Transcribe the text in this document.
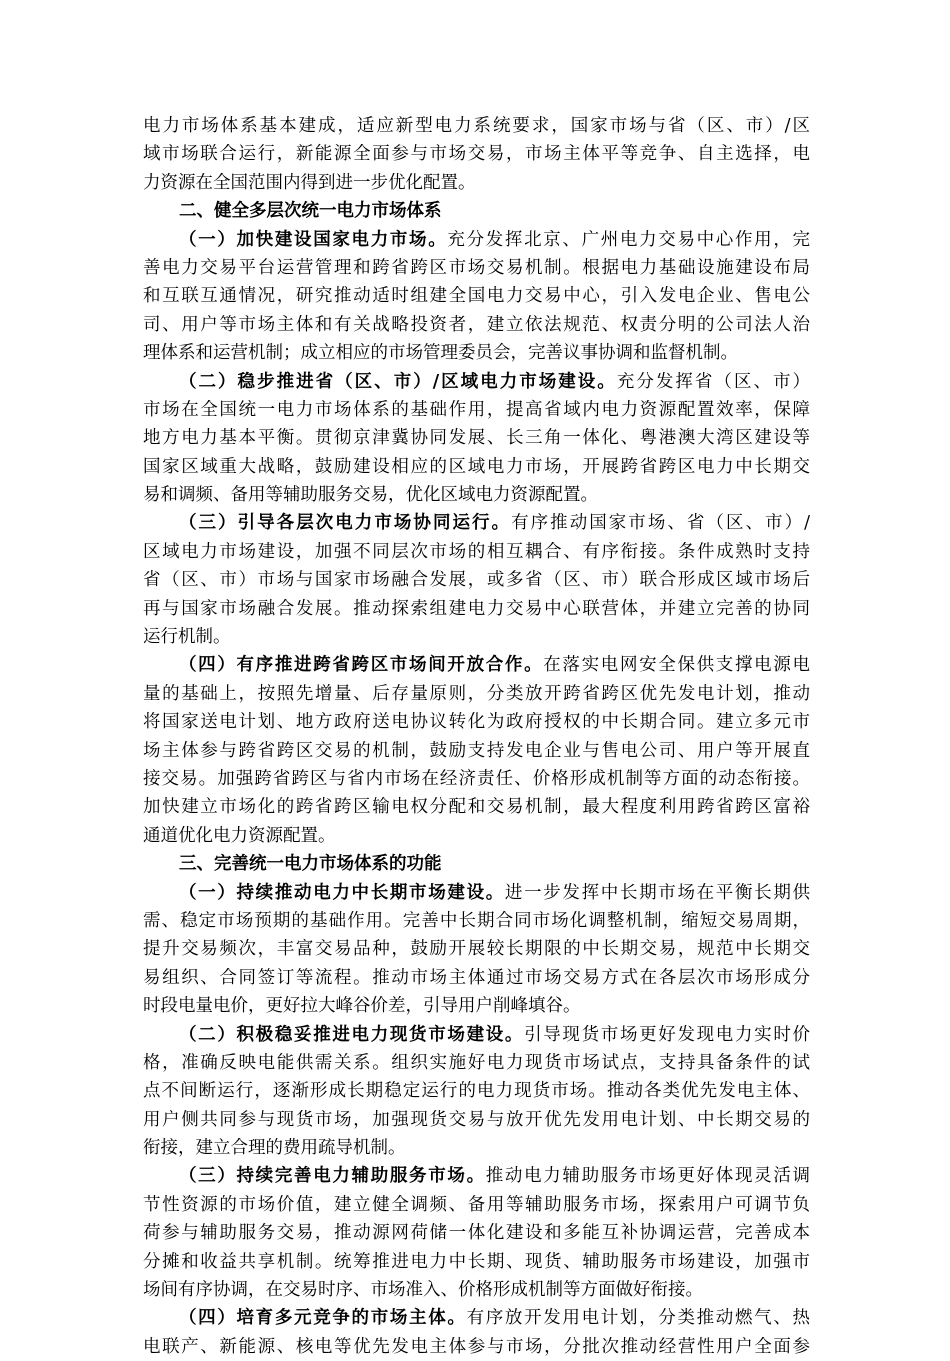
电力市场体系基本建成，适应新型电力系统要求，国家市场与省（区、市）/区
域市场联合运行，新能源全面参与市场交易，市场主体平等竞争、自主选择，电
力资源在全国范围内得到进一步优化配置。
二、健全多层次统一电力市场体系
（一）加快建设国家电力市场。充分发挥北京、广州电力交易中心作用，完
善电力交易平台运营管理和跨省跨区市场交易机制。根据电力基础设施建设布局
和互联互通情况，研究推动适时组建全国电力交易中心，引入发电企业、售电公
司、用户等市场主体和有关战略投资者，建立依法规范、权责分明的公司法人治
理体系和运营机制；成立相应的市场管理委员会，完善议事协调和监督机制。
（二）稳步推进省（区、市）/区域电力市场建设。充分发挥省（区、市）
市场在全国统一电力市场体系的基础作用，提高省域内电力资源配置效率，保障
地方电力基本平衡。贯彻京津冀协同发展、长三角一体化、粤港澳大湾区建设等
国家区域重大战略，鼓励建设相应的区域电力市场，开展跨省跨区电力中长期交
易和调频、备用等辅助服务交易，优化区域电力资源配置。
（三）引导各层次电力市场协同运行。有序推动国家市场、省（区、市）/
区域电力市场建设，加强不同层次市场的相互耦合、有序衔接。条件成熟时支持
省（区、市）市场与国家市场融合发展，或多省（区、市）联合形成区域市场后
再与国家市场融合发展。推动探索组建电力交易中心联营体，并建立完善的协同
运行机制。
（四）有序推进跨省跨区市场间开放合作。在落实电网安全保供支撑电源电
量的基础上，按照先增量、后存量原则，分类放开跨省跨区优先发电计划，推动
将国家送电计划、地方政府送电协议转化为政府授权的中长期合同。建立多元市
场主体参与跨省跨区交易的机制，鼓励支持发电企业与售电公司、用户等开展直
接交易。加强跨省跨区与省内市场在经济责任、价格形成机制等方面的动态衔接。
加快建立市场化的跨省跨区输电权分配和交易机制，最大程度利用跨省跨区富裕
通道优化电力资源配置。
三、完善统一电力市场体系的功能
（一）持续推动电力中长期市场建设。进一步发挥中长期市场在平衡长期供
需、稳定市场预期的基础作用。完善中长期合同市场化调整机制，缩短交易周期，
提升交易频次，丰富交易品种，鼓励开展较长期限的中长期交易，规范中长期交
易组织、合同签订等流程。推动市场主体通过市场交易方式在各层次市场形成分
时段电量电价，更好拉大峰谷价差，引导用户削峰填谷。
（二）积极稳妥推进电力现货市场建设。引导现货市场更好发现电力实时价
格，准确反映电能供需关系。组织实施好电力现货市场试点，支持具备条件的试
点不间断运行，逐渐形成长期稳定运行的电力现货市场。推动各类优先发电主体、
用户侧共同参与现货市场，加强现货交易与放开优先发用电计划、中长期交易的
衔接，建立合理的费用疏导机制。
（三）持续完善电力辅助服务市场。推动电力辅助服务市场更好体现灵活调
节性资源的市场价值，建立健全调频、备用等辅助服务市场，探索用户可调节负
荷参与辅助服务交易，推动源网荷储一体化建设和多能互补协调运营，完善成本
分摊和收益共享机制。统筹推进电力中长期、现货、辅助服务市场建设，加强市
场间有序协调，在交易时序、市场准入、价格形成机制等方面做好衔接。
（四）培育多元竞争的市场主体。有序放开发用电计划，分类推动燃气、热
电联产、新能源、核电等优先发电主体参与市场，分批次推动经营性用户全面参
